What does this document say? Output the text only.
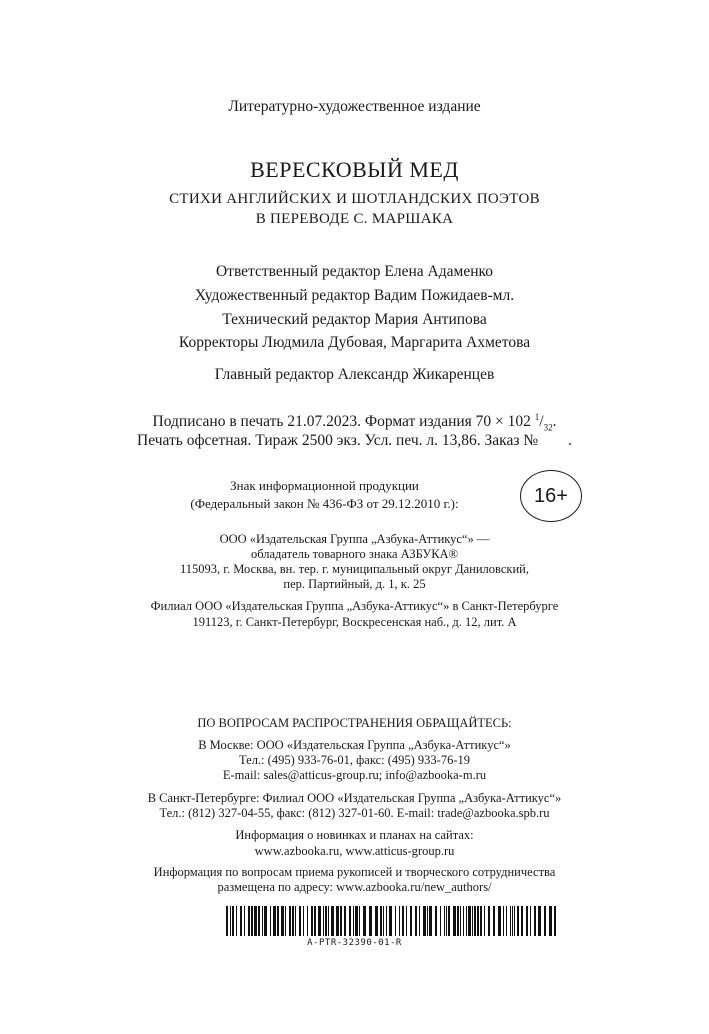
Литературно-художественное издание
ВЕРЕСКОВЫЙ МЕД
СТИХИ АНГЛИЙСКИХ И ШОТЛАНДСКИХ ПОЭТОВ
В ПЕРЕВОДЕ С. МАРШАКА
Ответственный редактор Елена Адаменко
Художественный редактор Вадим Пожидаев-мл.
Технический редактор Мария Антипова
Корректоры Людмила Дубовая, Маргарита Ахметова
Главный редактор Александр Жикаренцев
Подписано в печать 21.07.2023. Формат издания 70 × 102 $^1/_{32}$.
Печать офсетная. Тираж 2500 экз. Усл. печ. л. 13,86. Заказ № .
Знак информационной продукции
(Федеральный закон № 436-ФЗ от 29.12.2010 г.):	16+
ООО «Издательская Группа „Азбука-Аттикус“» —
обладатель товарного знака АЗБУКА®
115093, г. Москва, вн. тер. г. муниципальный округ Даниловский,
пер. Партийный, д. 1, к. 25
Филиал ООО «Издательская Группа „Азбука-Аттикус“» в Санкт-Петербурге
191123, г. Санкт-Петербург, Воскресенская наб., д. 12, лит. А
ПО ВОПРОСАМ РАСПРОСТРАНЕНИЯ ОБРАЩАЙТЕСЬ:
В Москве: ООО «Издательская Группа „Азбука-Аттикус“»
Тел.: (495) 933-76-01, факс: (495) 933-76-19
E-mail: sales@atticus-group.ru; info@azbooka-m.ru
В Санкт-Петербурге: Филиал ООО «Издательская Группа „Азбука-Аттикус“»
Тел.: (812) 327-04-55, факс: (812) 327-01-60. E-mail: trade@azbooka.spb.ru
Информация о новинках и планах на сайтах:
www.azbooka.ru, www.atticus-group.ru
Информация по вопросам приема рукописей и творческого сотрудничества
размещена по адресу: www.azbooka.ru/new_authors/
A-PTR-32390-01-R
